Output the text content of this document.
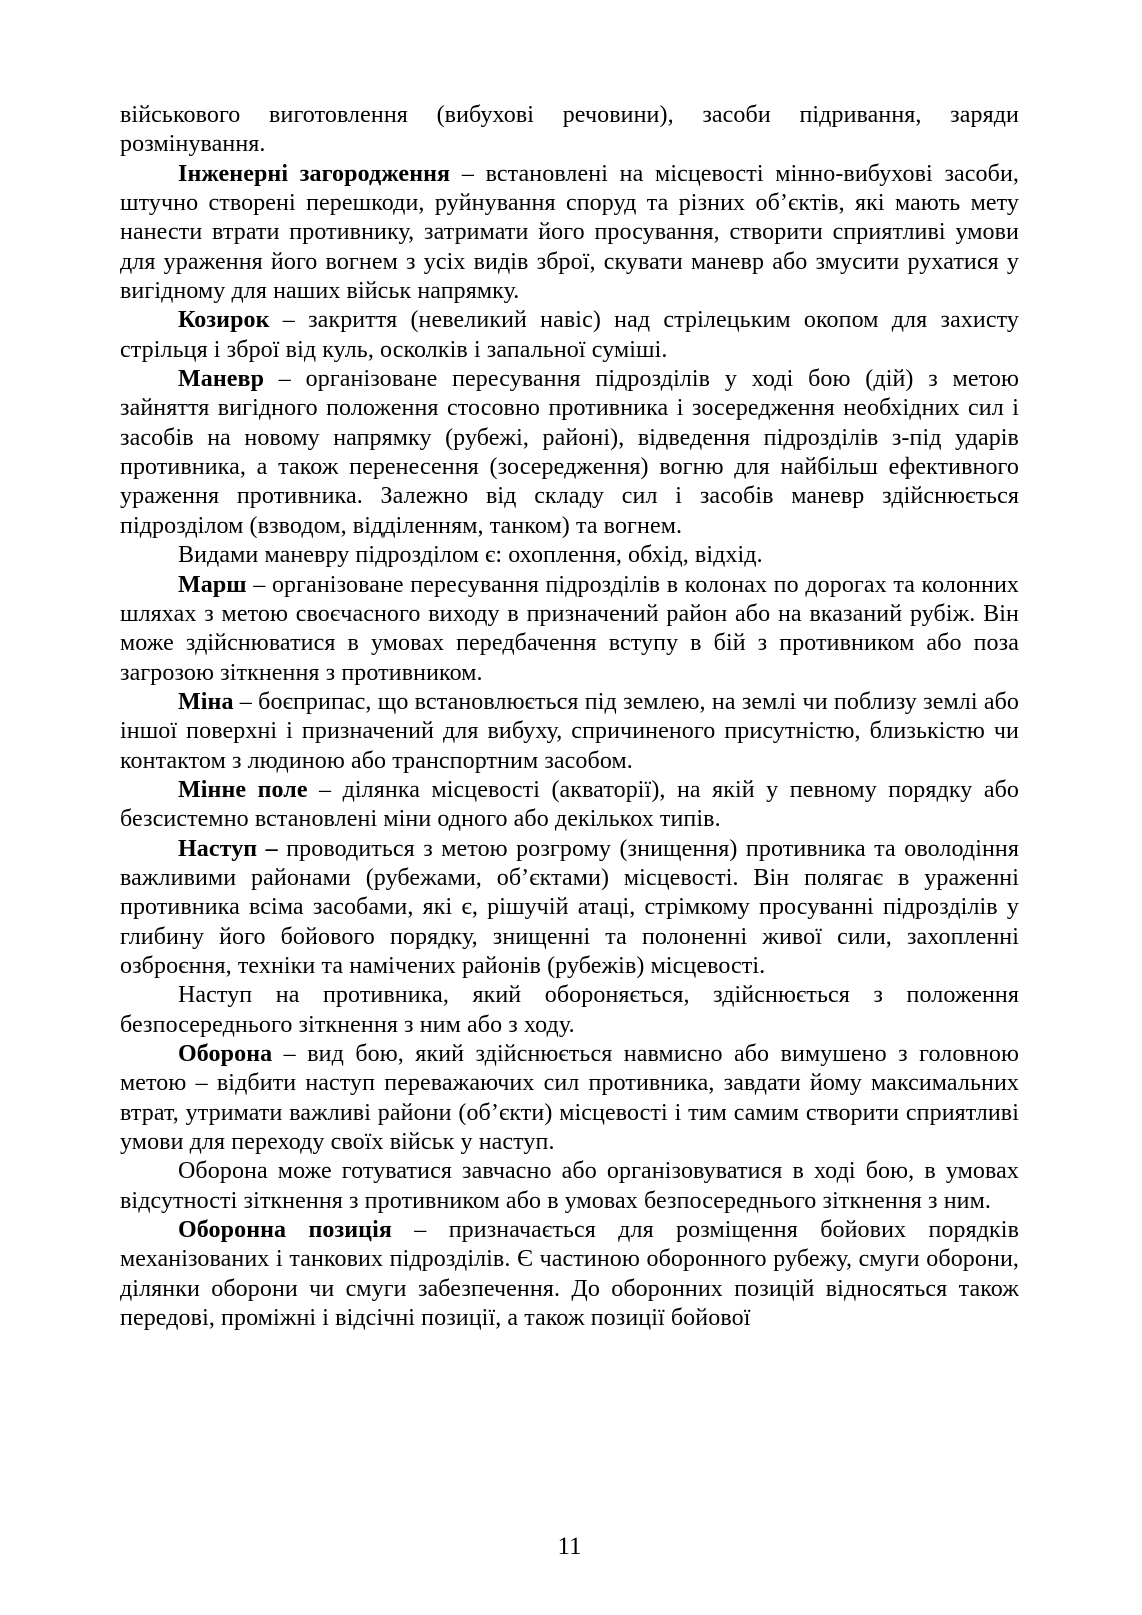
військового виготовлення (вибухові речовини), засоби підривання, заряди розмінування.

Інженерні загородження – встановлені на місцевості мінно-вибухові засоби, штучно створені перешкоди, руйнування споруд та різних об’єктів, які мають мету нанести втрати противнику, затримати його просування, створити сприятливі умови для ураження його вогнем з усіх видів зброї, скувати маневр або змусити рухатися у вигідному для наших військ напрямку.

Козирок – закриття (невеликий навіс) над стрілецьким окопом для захисту стрільця і зброї від куль, осколків і запальної суміші.

Маневр – організоване пересування підрозділів у ході бою (дій) з метою зайняття вигідного положення стосовно противника і зосередження необхідних сил і засобів на новому напрямку (рубежі, районі), відведення підрозділів з-під ударів противника, а також перенесення (зосередження) вогню для найбільш ефективного ураження противника. Залежно від складу сил і засобів маневр здійснюється підрозділом (взводом, відділенням, танком) та вогнем.

Видами маневру підрозділом є: охоплення, обхід, відхід.

Марш – організоване пересування підрозділів в колонах по дорогах та колонних шляхах з метою своєчасного виходу в призначений район або на вказаний рубіж. Він може здійснюватися в умовах передбачення вступу в бій з противником або поза загрозою зіткнення з противником.

Міна – боєприпас, що встановлюється під землею, на землі чи поблизу землі або іншої поверхні і призначений для вибуху, спричиненого присутністю, близькістю чи контактом з людиною або транспортним засобом.

Мінне поле – ділянка місцевості (акваторії), на якій у певному порядку або безсистемно встановлені міни одного або декількох типів.

Наступ – проводиться з метою розгрому (знищення) противника та оволодіння важливими районами (рубежами, об’єктами) місцевості. Він полягає в ураженні противника всіма засобами, які є, рішучій атаці, стрімкому просуванні підрозділів у глибину його бойового порядку, знищенні та полоненні живої сили, захопленні озброєння, техніки та намічених районів (рубежів) місцевості.

Наступ на противника, який обороняється, здійснюється з положення безпосереднього зіткнення з ним або з ходу.

Оборона – вид бою, який здійснюється навмисно або вимушено з головною метою – відбити наступ переважаючих сил противника, завдати йому максимальних втрат, утримати важливі райони (об’єкти) місцевості і тим самим створити сприятливі умови для переходу своїх військ у наступ.

Оборона може готуватися завчасно або організовуватися в ході бою, в умовах відсутності зіткнення з противником або в умовах безпосереднього зіткнення з ним.

Оборонна позиція – призначається для розміщення бойових порядків механізованих і танкових підрозділів. Є частиною оборонного рубежу, смуги оборони, ділянки оборони чи смуги забезпечення. До оборонних позицій відносяться також передові, проміжні і відсічні позиції, а також позиції бойової

11
